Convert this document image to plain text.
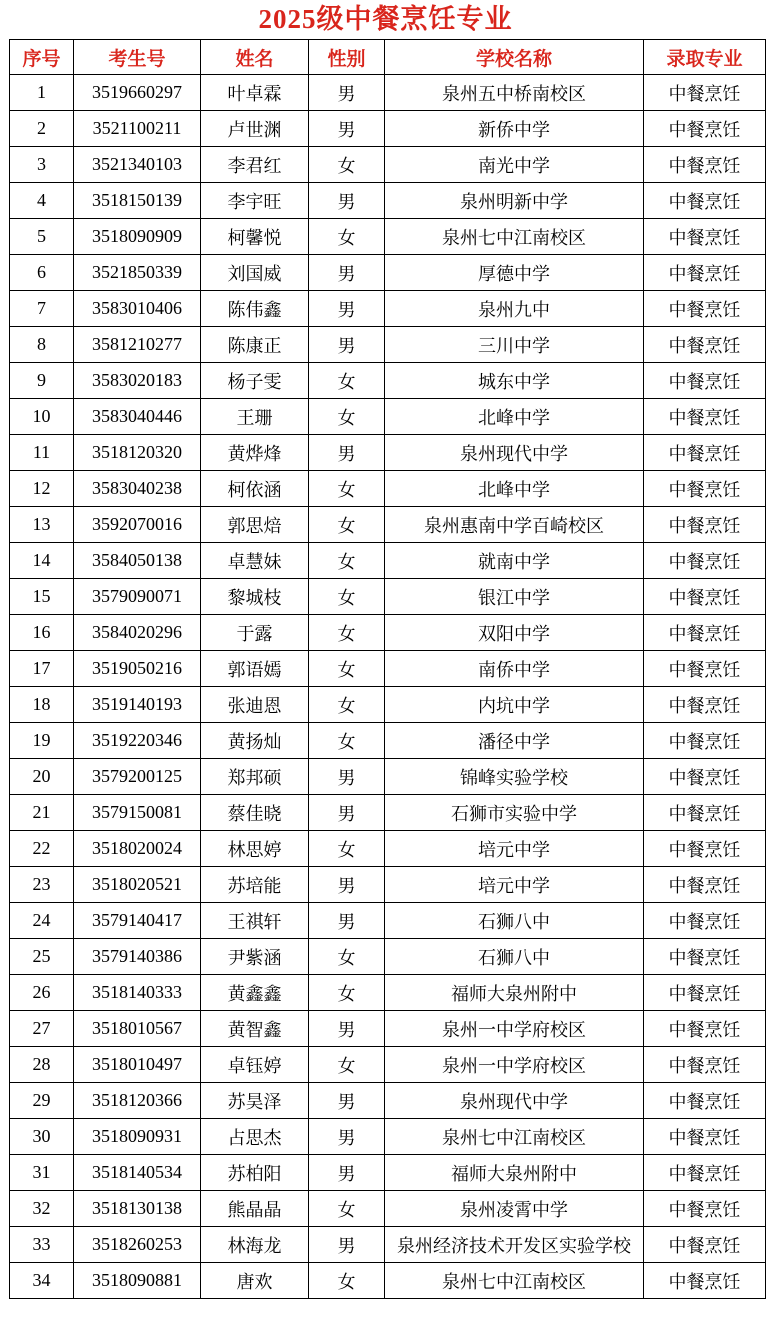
2025级中餐烹饪专业
序号	考生号	姓名	性别	学校名称	录取专业
1	3519660297	叶卓霖	男	泉州五中桥南校区	中餐烹饪
2	3521100211	卢世渊	男	新侨中学	中餐烹饪
3	3521340103	李君红	女	南光中学	中餐烹饪
4	3518150139	李宇旺	男	泉州明新中学	中餐烹饪
5	3518090909	柯馨悦	女	泉州七中江南校区	中餐烹饪
6	3521850339	刘国威	男	厚德中学	中餐烹饪
7	3583010406	陈伟鑫	男	泉州九中	中餐烹饪
8	3581210277	陈康正	男	三川中学	中餐烹饪
9	3583020183	杨子雯	女	城东中学	中餐烹饪
10	3583040446	王珊	女	北峰中学	中餐烹饪
11	3518120320	黄烨烽	男	泉州现代中学	中餐烹饪
12	3583040238	柯依涵	女	北峰中学	中餐烹饪
13	3592070016	郭思焙	女	泉州惠南中学百崎校区	中餐烹饪
14	3584050138	卓慧妹	女	就南中学	中餐烹饪
15	3579090071	黎城枝	女	银江中学	中餐烹饪
16	3584020296	于露	女	双阳中学	中餐烹饪
17	3519050216	郭语嫣	女	南侨中学	中餐烹饪
18	3519140193	张迪恩	女	内坑中学	中餐烹饪
19	3519220346	黄扬灿	女	潘径中学	中餐烹饪
20	3579200125	郑邦硕	男	锦峰实验学校	中餐烹饪
21	3579150081	蔡佳晓	男	石狮市实验中学	中餐烹饪
22	3518020024	林思婷	女	培元中学	中餐烹饪
23	3518020521	苏培能	男	培元中学	中餐烹饪
24	3579140417	王祺轩	男	石狮八中	中餐烹饪
25	3579140386	尹紫涵	女	石狮八中	中餐烹饪
26	3518140333	黄鑫鑫	女	福师大泉州附中	中餐烹饪
27	3518010567	黄智鑫	男	泉州一中学府校区	中餐烹饪
28	3518010497	卓钰婷	女	泉州一中学府校区	中餐烹饪
29	3518120366	苏昊泽	男	泉州现代中学	中餐烹饪
30	3518090931	占思杰	男	泉州七中江南校区	中餐烹饪
31	3518140534	苏柏阳	男	福师大泉州附中	中餐烹饪
32	3518130138	熊晶晶	女	泉州凌霄中学	中餐烹饪
33	3518260253	林海龙	男	泉州经济技术开发区实验学校	中餐烹饪
34	3518090881	唐欢	女	泉州七中江南校区	中餐烹饪
